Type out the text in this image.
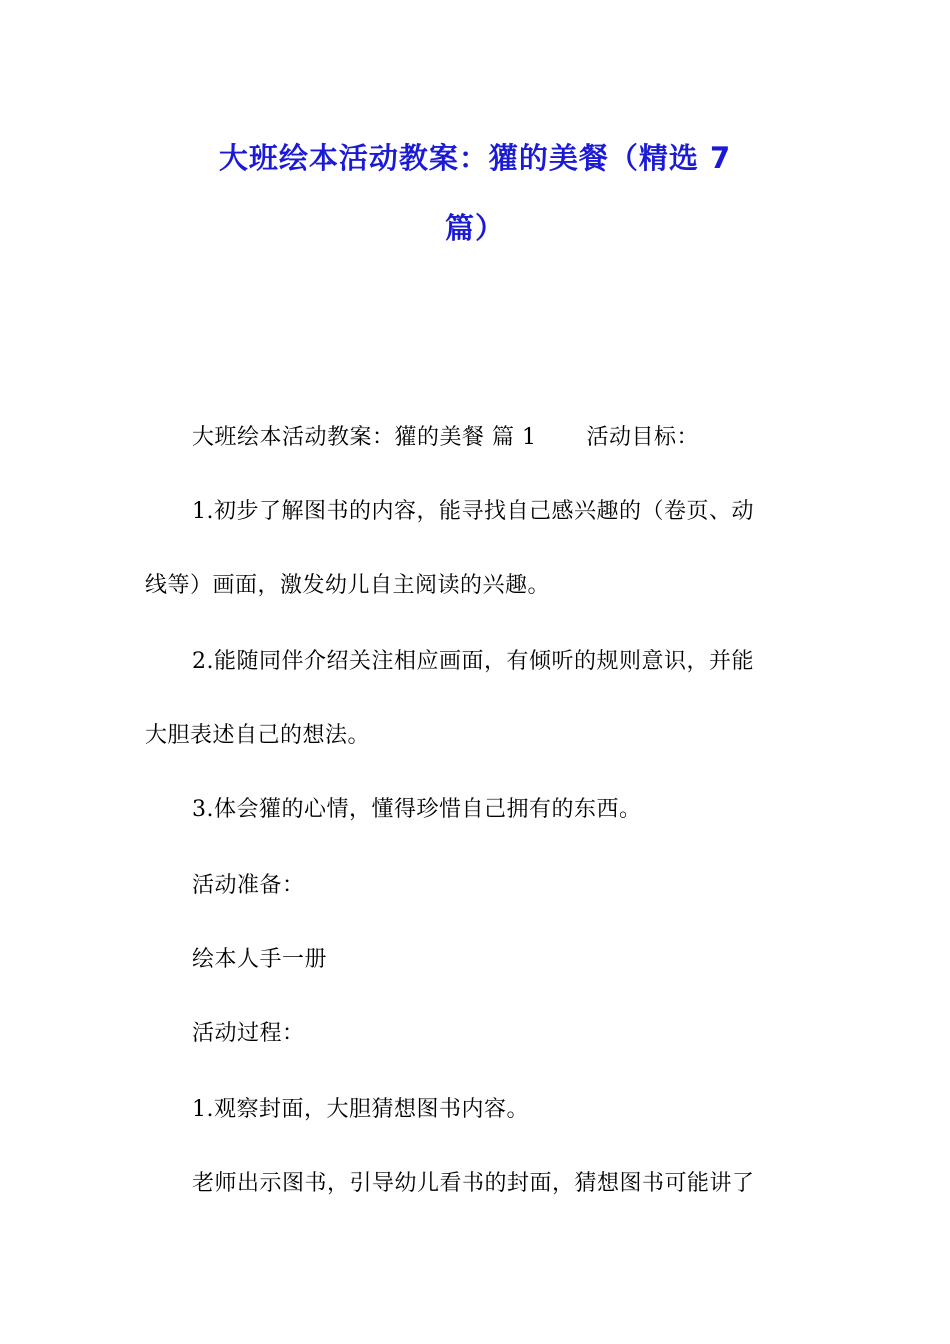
大班绘本活动教案：獾的美餐（精选 7
篇）
大班绘本活动教案：獾的美餐 篇 1 活动目标：
1.初步了解图书的内容，能寻找自己感兴趣的（卷页、动
线等）画面，激发幼儿自主阅读的兴趣。
2.能随同伴介绍关注相应画面，有倾听的规则意识，并能
大胆表述自己的想法。
3.体会獾的心情，懂得珍惜自己拥有的东西。
活动准备：
绘本人手一册
活动过程：
1.观察封面，大胆猜想图书内容。
老师出示图书，引导幼儿看书的封面，猜想图书可能讲了
